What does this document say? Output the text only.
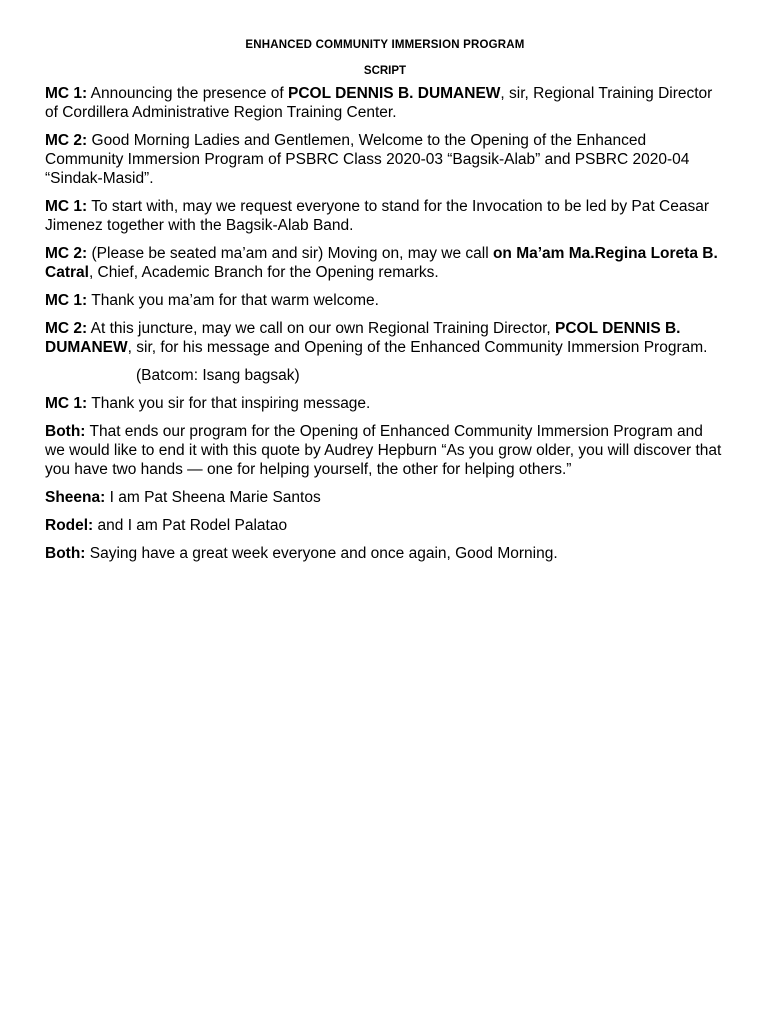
ENHANCED COMMUNITY IMMERSION PROGRAM
SCRIPT

MC 1: Announcing the presence of PCOL DENNIS B. DUMANEW, sir, Regional Training Director of Cordillera Administrative Region Training Center.

MC 2: Good Morning Ladies and Gentlemen, Welcome to the Opening of the Enhanced Community Immersion Program of PSBRC Class 2020-03 “Bagsik-Alab” and PSBRC 2020-04 “Sindak-Masid”.

MC 1: To start with, may we request everyone to stand for the Invocation to be led by Pat Ceasar Jimenez together with the Bagsik-Alab Band.

MC 2: (Please be seated ma’am and sir) Moving on, may we call on Ma’am Ma.Regina Loreta B. Catral, Chief, Academic Branch for the Opening remarks.

MC 1: Thank you ma’am for that warm welcome.

MC 2: At this juncture, may we call on our own Regional Training Director, PCOL DENNIS B. DUMANEW, sir, for his message and Opening of the Enhanced Community Immersion Program.

(Batcom: Isang bagsak)

MC 1: Thank you sir for that inspiring message.

Both: That ends our program for the Opening of Enhanced Community Immersion Program and we would like to end it with this quote by Audrey Hepburn “As you grow older, you will discover that you have two hands — one for helping yourself, the other for helping others.”

Sheena: I am Pat Sheena Marie Santos

Rodel: and I am Pat Rodel Palatao

Both: Saying have a great week everyone and once again, Good Morning.
